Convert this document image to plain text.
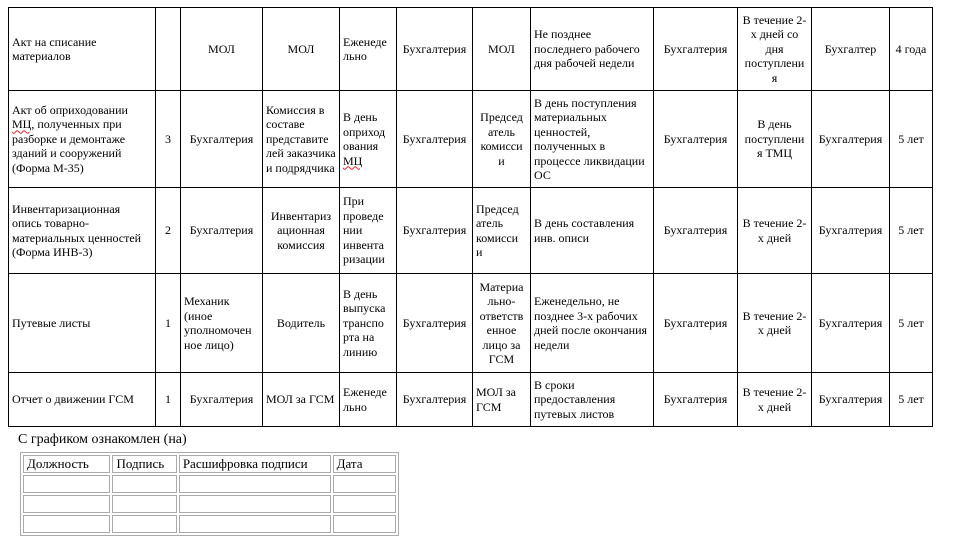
Акт на списание материалов		МОЛ	МОЛ	Еженеде льно	Бухгалтерия	МОЛ	Не позднее последнего рабочего дня рабочей недели	Бухгалтерия	В течение 2-х дней со дня поступлени я	Бухгалтер	4 года
Акт об оприходовании МЦ, полученных при разборке и демонтаже зданий и сооружений (Форма М-35)	3	Бухгалтерия	Комиссия в составе представите лей заказчика и подрядчика	В день оприход ования МЦ	Бухгалтерия	Председ атель комисси и	В день поступления материальных ценностей, полученных в процессе ликвидации ОС	Бухгалтерия	В день поступлени я ТМЦ	Бухгалтерия	5 лет
Инвентаризационная опись товарно-материальных ценностей (Форма ИНВ-3)	2	Бухгалтерия	Инвентариз ационная комиссия	При проведе нии инвента ризации	Бухгалтерия	Председ атель комисси и	В день составления инв. описи	Бухгалтерия	В течение 2-х дней	Бухгалтерия	5 лет
Путевые листы	1	Механик (иное уполномочен ное лицо)	Водитель	В день выпуска транспо рта на линию	Бухгалтерия	Материа льно-ответств енное лицо за ГСМ	Еженедельно, не позднее 3-х рабочих дней после окончания недели	Бухгалтерия	В течение 2-х дней	Бухгалтерия	5 лет
Отчет о движении ГСМ	1	Бухгалтерия	МОЛ за ГСМ	Еженеде льно	Бухгалтерия	МОЛ за ГСМ	В сроки предоставления путевых листов	Бухгалтерия	В течение 2-х дней	Бухгалтерия	5 лет
С графиком ознакомлен (на)
Должность	Подпись	Расшифровка подписи	Дата
